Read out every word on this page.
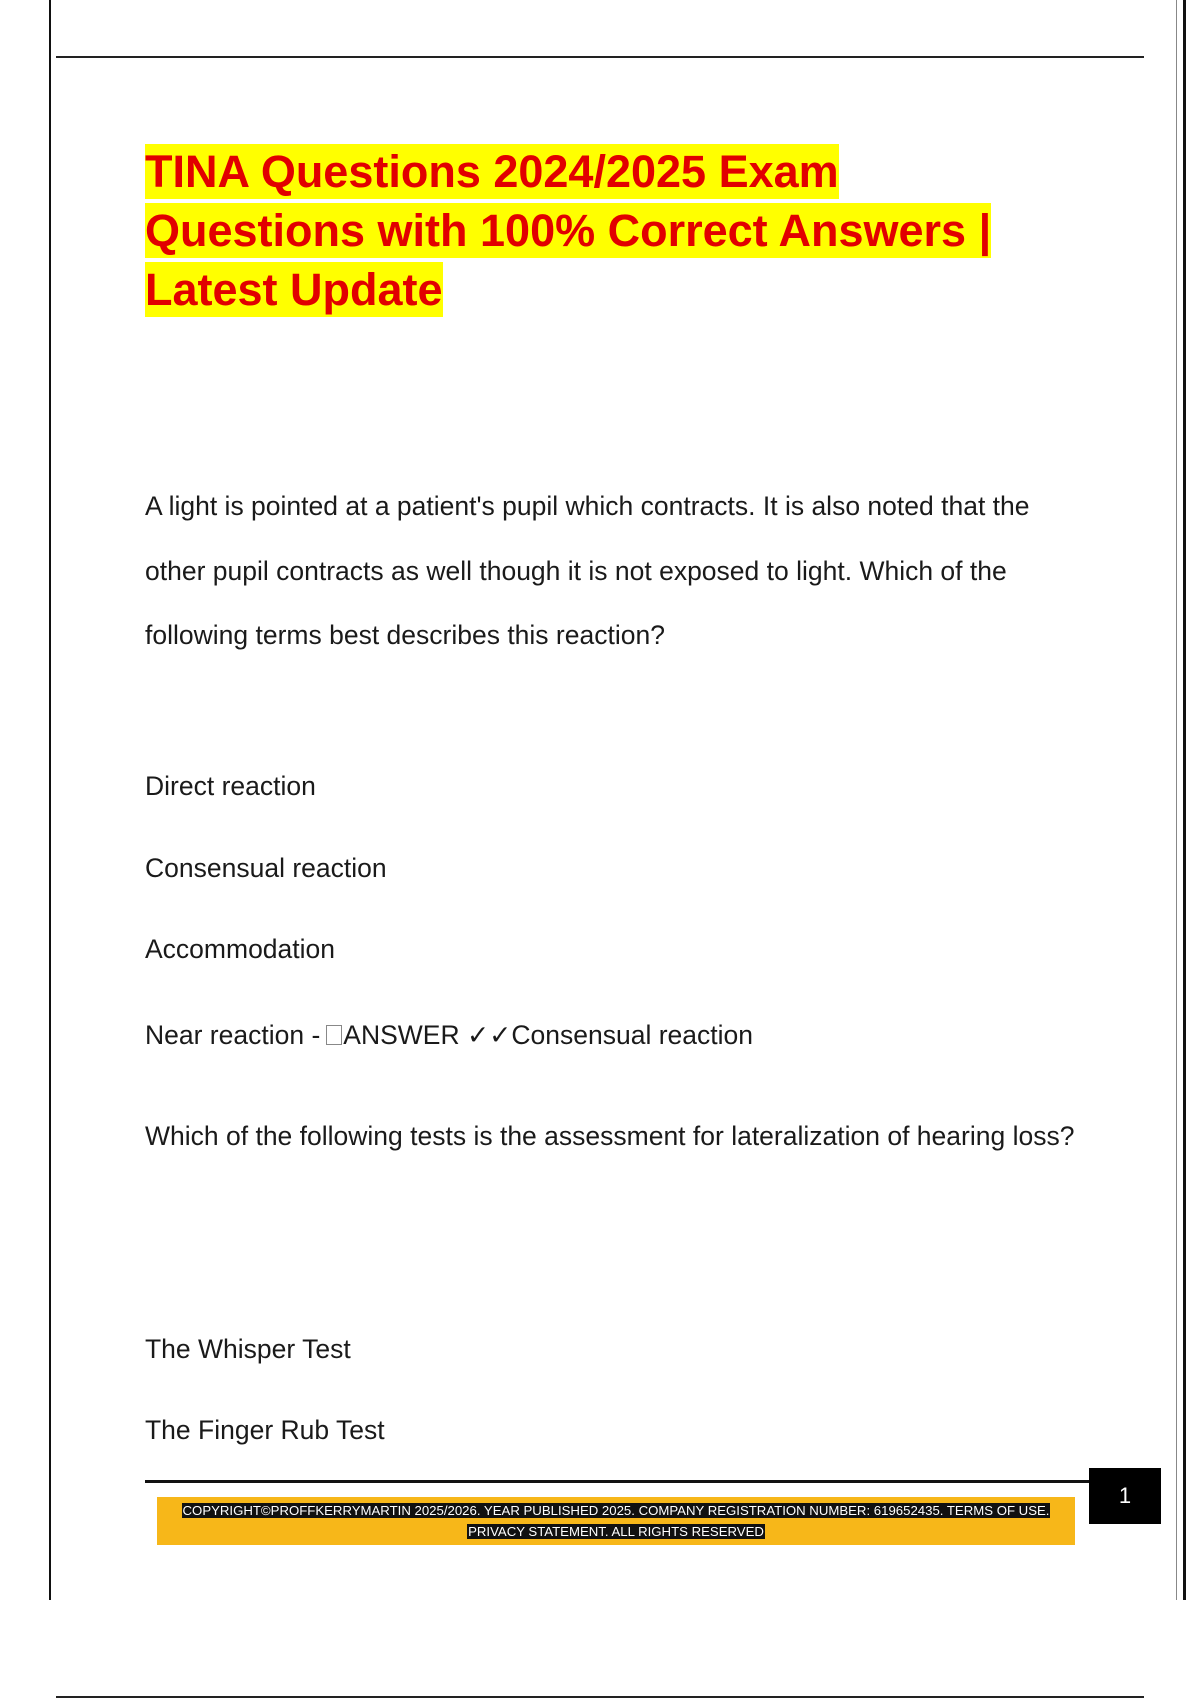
TINA Questions 2024/2025 Exam
Questions with 100% Correct Answers |
Latest Update

A light is pointed at a patient's pupil which contracts. It is also noted that the other pupil contracts as well though it is not exposed to light. Which of the following terms best describes this reaction?

Direct reaction

Consensual reaction

Accommodation

Near reaction - ANSWER ✓✓Consensual reaction

Which of the following tests is the assessment for lateralization of hearing loss?

The Whisper Test

The Finger Rub Test

COPYRIGHT©PROFFKERRYMARTIN 2025/2026. YEAR PUBLISHED 2025. COMPANY REGISTRATION NUMBER: 619652435. TERMS OF USE.
PRIVACY STATEMENT. ALL RIGHTS RESERVED
1
